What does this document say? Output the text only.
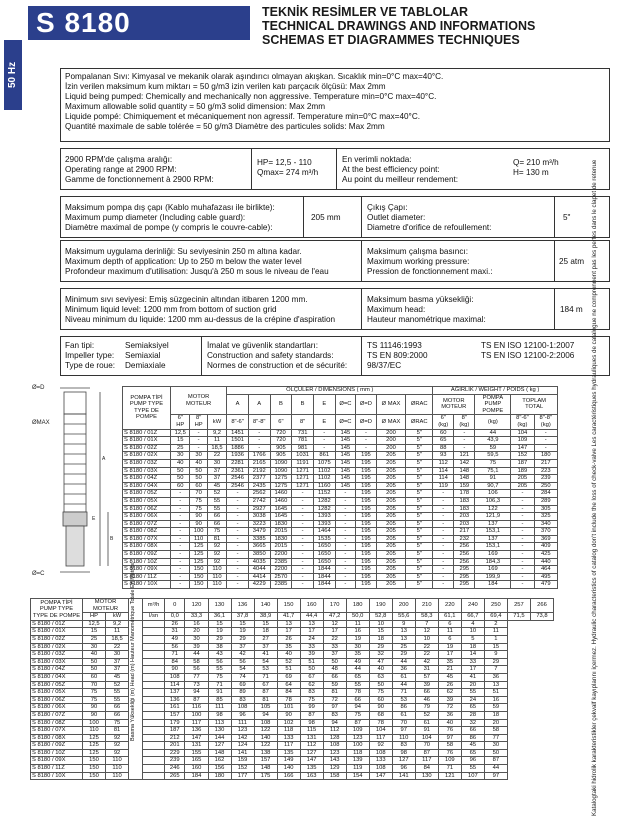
S 8180	TEKNİK RESİMLER VE TABLOLAR
TECHNICAL DRAWINGS AND INFORMATIONS
SCHEMAS ET DIAGRAMMES TECHNIQUES
50 Hz	Pompalanan Sıvı: Kimyasal ve mekanik olarak aşındırıcı olmayan akışkan. Sıcaklık min=0°C max=40°C.
İzin verilen maksimum kum miktarı = 50 g/m3 izin verilen katı parçacık ölçüsü: Max 2mm
Liquid being pumped: Chemically and mechanically non aggressive. Temperature min=0°C max=40°C.
Maximum allowable solid quantity = 50 g/m3 solid dimension: Max 2mm
Liquide pompé: Chimiquement et mécaniquement non agressif. Temperature min=0°C max=40°C.
Quantité maximale de sable tolérée = 50 g/m3 Diamètre des particules solids: Max 2mm
2900 RPM'de çalışma aralığı:
Operating range at 2900 RPM:
Gamme de fonctionnement à 2900 RPM:
HP= 12,5 - 110
Qmax= 274 m³/h
En verimli noktada:
At the best efficiency point:
Au point du meilleur rendement:
Q= 210 m³/h
H= 130 m
Maksimum pompa dış çapı (Kablo muhafazası ile birlikte):
Maximum pump diameter (Including cable guard):
Diamètre maximal de pompe (y compris le couvre-cable):
205 mm
Çıkış Çapı:
Outlet diameter:
Diametre d'orifice de refoullement:
5"
Maksimum uygulama derinliği: Su seviyesinin 250 m altına kadar.
Maximum depth of application: Up to 250 m below the water level
Profondeur maximum d'utilisation: Jusqu'à 250 m sous le niveau de l'eau
Maksimum çalışma basıncı:
Maximum working pressure:
Pression de fonctionnement maxi.:
25 atm
Minimum sıvı seviyesi: Emiş süzgecinin altından itibaren 1200 mm.
Minimum liquid level: 1200 mm from bottom of suction grid
Niveau minimum du liquide: 1200 mm au-dessus de la crépine d'aspiration
Maksimum basma yüksekliği:
Maximum head:
Hauteur manométrique maximal:
184 m
Fan tipi:
Impeller type:
Type de roue:
Semiaksiyel
Semiaxial
Demiaxiale
İmalat ve güvenlik standartları:
Construction and safety standards:
Normes de construction et de sécurité:
TS 11146:1993
TS EN 809:2000
98/37/EC
TS EN ISO 12100-1:2007
TS EN ISO 12100-2:2006
Ø=D
ØMAX
Ø=C
A
B
E
POMPA TİPİ
PUMP TYPE
TYPE DE POMPE	MOTOR
MOTEUR			ÖLÇÜLER / DIMENSIONS ( mm )									AĞIRLIK / WEIGHT / POIDS ( kg )				
				A	A	B	B	E	Ø=C	Ø=D	Ø MAX	ØRAC	MOTOR
MOTEUR		POMPA
PUMP
POMPE	TOPLAM
TOTAL	
	6"
HP	8"
HP	kW	8"-6"	8"-8"	6"	8"	E	Ø=C	Ø=D	Ø MAX	ØRAC	6"
(kg)	8"
(kg)	(kg)	8"-6"
(kg)	8"-8"
(kg)
S 8180 / 01Z	12,5	-	9,2	1451	-	720	731	-	145	-	200	5"	60	-	44	104	-
S 8180 / 01X	15	-	11	1501	-	720	781	-	145	-	200	5"	65	-	43,9	109	-
S 8180 / 02Z	25	-	18,5	1886	-	905	981	-	145	-	200	5"	88	-	59	147	-
S 8180 / 02X	30	30	22	1936	1766	905	1031	861	145	195	205	5"	93	121	59,5	152	180
S 8180 / 03Z	40	40	30	2281	2165	1090	1191	1075	145	195	205	5"	112	142	75	187	217
S 8180 / 03X	50	50	37	2361	2192	1090	1271	1102	145	195	205	5"	114	148	75,1	189	223
S 8180 / 04Z	50	50	37	2546	2377	1275	1271	1102	145	195	205	5"	114	148	91	205	239
S 8180 / 04X	60	60	45	2546	2435	1275	1271	1160	145	195	205	5"	119	159	90,7	205	250
S 8180 / 05Z	-	70	52	-	2562	1460	-	1152	-	195	205	5"	-	178	106	-	284
S 8180 / 05X	-	75	55	-	2742	1460	-	1282	-	195	205	5"	-	183	106,3	-	289
S 8180 / 06Z	-	75	55	-	2927	1645	-	1282	-	195	205	5"	-	183	122	-	305
S 8180 / 06X	-	90	66	-	3038	1645	-	1393	-	195	205	5"	-	203	121,9	-	325
S 8180 / 07Z	-	90	66	-	3223	1830	-	1393	-	195	205	5"	-	203	137	-	340
S 8180 / 08Z	-	100	75	-	3479	2015	-	1464	-	195	205	5"	-	217	153,1	-	370
S 8180 / 07X	-	110	81	-	3385	1830	-	1535	-	195	205	5"	-	232	137	-	369
S 8180 / 08X	-	125	92	-	3665	2015	-	1650	-	195	205	5"	-	256	153,1	-	409
S 8180 / 09Z	-	125	92	-	3850	2200	-	1650	-	195	205	5"	-	256	169	-	425
S 8180 / 10Z	-	125	92	-	4035	2385	-	1650	-	195	205	5"	-	256	184,3	-	440
S 8180 / 09X	-	150	110	-	4044	2200	-	1844	-	195	205	5"	-	295	169	-	464
S 8180 / 11Z	-	150	110	-	4414	2570	-	1844	-	195	205	5"	-	295	199,9	-	495
S 8180 / 10X	-	150	110	-	4229	2385	-	1844	-	195	205	5"	-	295	184	-	479
POMPA TİPİ
PUMP TYPE
TYPE DE POMPE	MOTOR
MOTEUR			m³/h	0	120	130	136	140	150	160	170	180	190	200	210	220	240	250	257	266
	HP	kW		l/sn	0,0	33,3	36,1	37,8	38,9	41,7	44,4	47,2	50,0	52,8	55,6	58,3	61,1	66,7	69,4	71,5	73,8
S 8180 / 01Z	12,5	9,2	Basma Yüksekliği (m) Head (m) Hauteur Manométrique Totale En Mètres		26	16	15	15	15	13	13	12	11	10	9	7	6	4	2		
S 8180 / 01X	15	11			31	20	19	19	18	17	17	17	16	15	13	12	11	10	11		
S 8180 / 02Z	25	18,5			49	30	29	29	27	26	24	22	19	18	13	10	6	5	1		
S 8180 / 02X	30	22			56	39	38	37	37	35	33	33	30	29	25	22	19	18	15		
S 8180 / 03Z	40	30			71	44	43	42	41	40	39	37	35	32	29	22	17	14	9		
S 8180 / 03X	50	37			84	58	56	56	54	52	51	50	49	47	44	42	35	33	29		
S 8180 / 04Z	50	37			90	56	55	54	53	51	50	48	44	40	36	31	21	17	7		
S 8180 / 04X	60	45			108	77	75	74	71	69	67	66	65	63	61	57	45	41	36		
S 8180 / 05Z	70	52			114	73	71	69	67	64	62	59	55	50	44	39	26	20	13		
S 8180 / 05X	75	55			137	94	91	89	87	84	83	81	78	75	71	66	62	55	51		
S 8180 / 06Z	75	55			136	87	85	83	81	78	75	72	66	60	53	46	39	24	16		
S 8180 / 06X	90	66			161	116	111	108	105	101	99	97	94	90	86	79	72	65	59		
S 8180 / 07Z	90	66			157	100	98	96	94	90	87	83	75	68	61	52	36	28	18		
S 8180 / 08Z	100	75			179	117	113	111	108	102	98	94	87	78	70	61	40	32	20		
S 8180 / 07X	110	81			187	136	130	123	122	118	115	112	109	104	97	91	76	66	58		
S 8180 / 08X	125	92			212	147	144	142	140	133	131	128	123	117	110	104	97	86	77		
S 8180 / 09Z	125	92			201	131	127	124	122	117	112	108	100	92	83	70	58	45	30		
S 8180 / 10Z	125	92			229	155	148	141	138	135	127	123	118	108	98	87	76	65	50		
S 8180 / 09X	150	110			239	165	162	159	157	149	147	143	139	133	127	117	109	96	87		
S 8180 / 11Z	150	110			246	160	156	152	148	140	135	129	119	108	96	84	71	55	44		
S 8180 / 10X	150	110			265	184	180	177	175	166	163	158	154	147	141	130	121	107	97			Katalogtaki hidrolik karakteristikler çekvalf kayıplarını içermez. Hydraulic characteristics of catalog don't include the loss of check-valve Les caractéristiques hydrauliques de catalogue ne comprennent pas les pertes dans le clapet de retenue
